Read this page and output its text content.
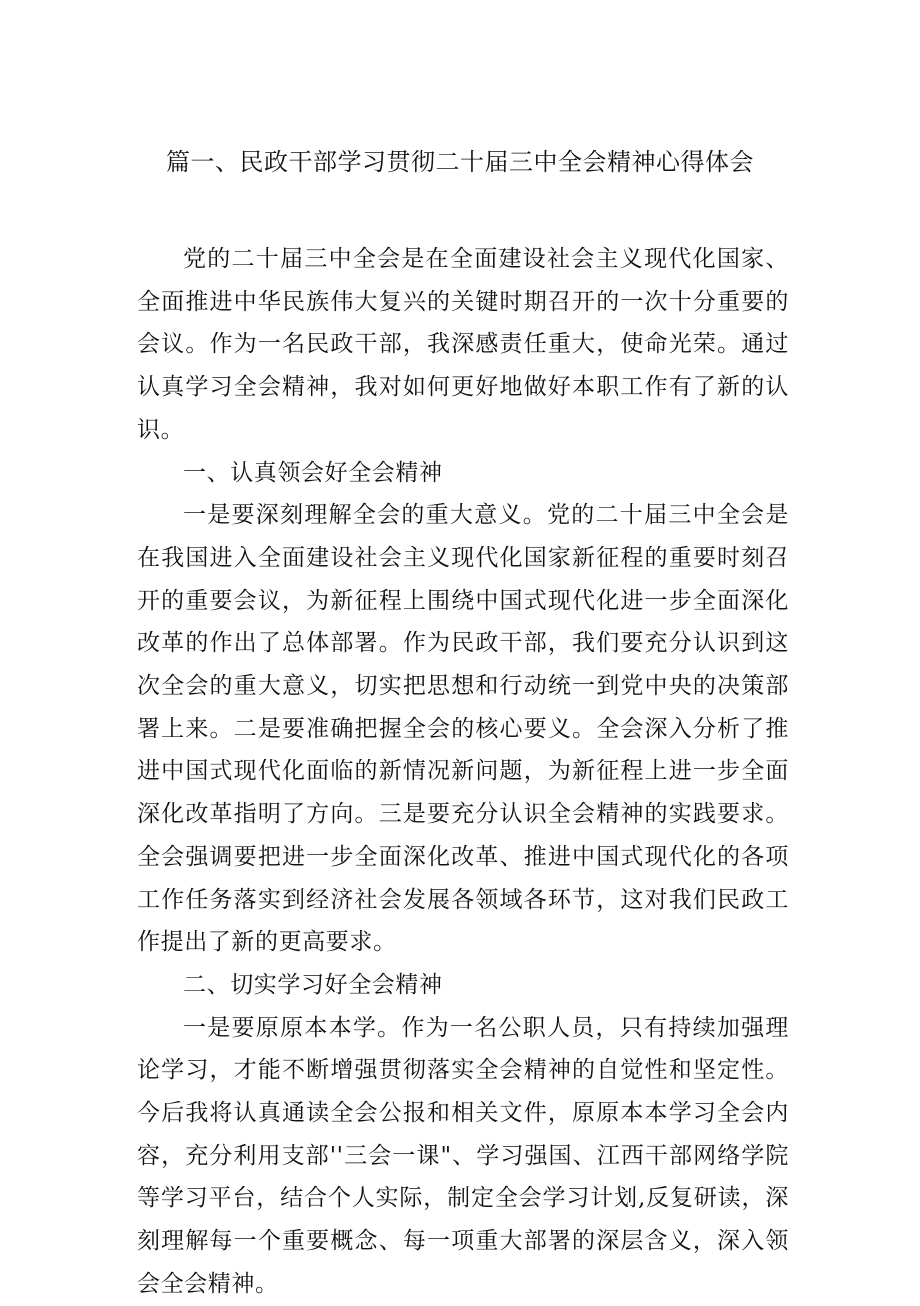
篇一、民政干部学习贯彻二十届三中全会精神心得体会

党的二十届三中全会是在全面建设社会主义现代化国家、全面推进中华民族伟大复兴的关键时期召开的一次十分重要的会议。作为一名民政干部，我深感责任重大，使命光荣。通过认真学习全会精神，我对如何更好地做好本职工作有了新的认识。

一、认真领会好全会精神

一是要深刻理解全会的重大意义。党的二十届三中全会是在我国进入全面建设社会主义现代化国家新征程的重要时刻召开的重要会议，为新征程上围绕中国式现代化进一步全面深化改革的作出了总体部署。作为民政干部，我们要充分认识到这次全会的重大意义，切实把思想和行动统一到党中央的决策部署上来。二是要准确把握全会的核心要义。全会深入分析了推进中国式现代化面临的新情况新问题，为新征程上进一步全面深化改革指明了方向。三是要充分认识全会精神的实践要求。全会强调要把进一步全面深化改革、推进中国式现代化的各项工作任务落实到经济社会发展各领域各环节，这对我们民政工作提出了新的更高要求。

二、切实学习好全会精神

一是要原原本本学。作为一名公职人员，只有持续加强理论学习，才能不断增强贯彻落实全会精神的自觉性和坚定性。今后我将认真通读全会公报和相关文件，原原本本学习全会内容，充分利用支部''三会一课"、学习强国、江西干部网络学院等学习平台，结合个人实际，制定全会学习计划,反复研读，深刻理解每一个重要概念、每一项重大部署的深层含义，深入领会全会精神。
